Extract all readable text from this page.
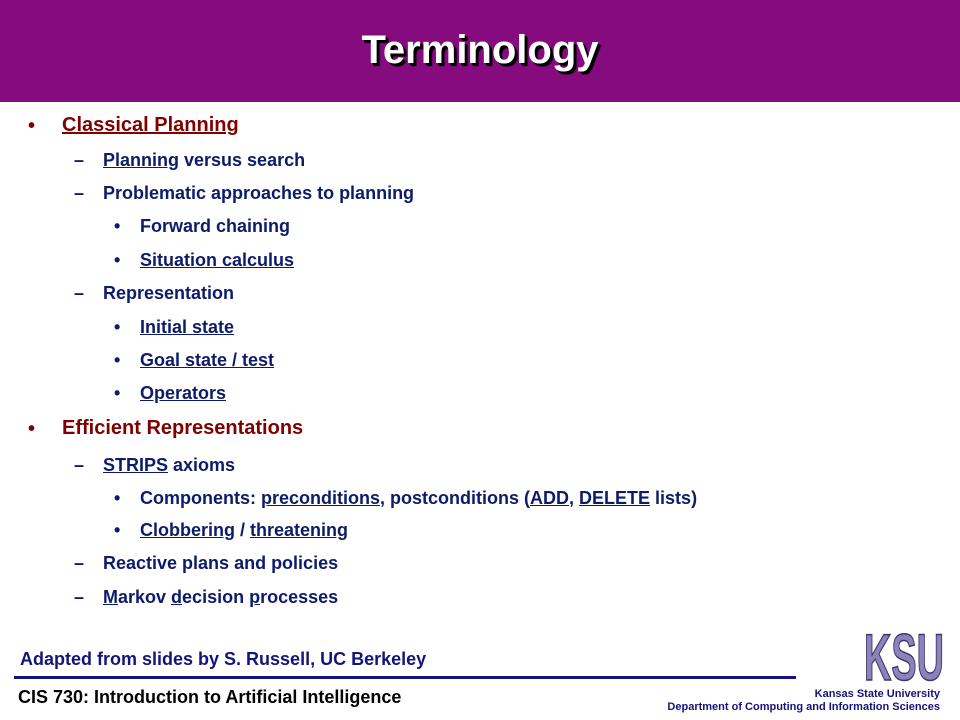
Terminology
• Classical Planning
– Planning versus search
– Problematic approaches to planning
• Forward chaining
• Situation calculus
– Representation
• Initial state
• Goal state / test
• Operators
• Efficient Representations
– STRIPS axioms
• Components: preconditions, postconditions (ADD, DELETE lists)
• Clobbering / threatening
– Reactive plans and policies
– Markov decision processes
Adapted from slides by S. Russell, UC Berkeley
CIS 730: Introduction to Artificial Intelligence	Kansas State University
Department of Computing and Information Sciences
KSU
